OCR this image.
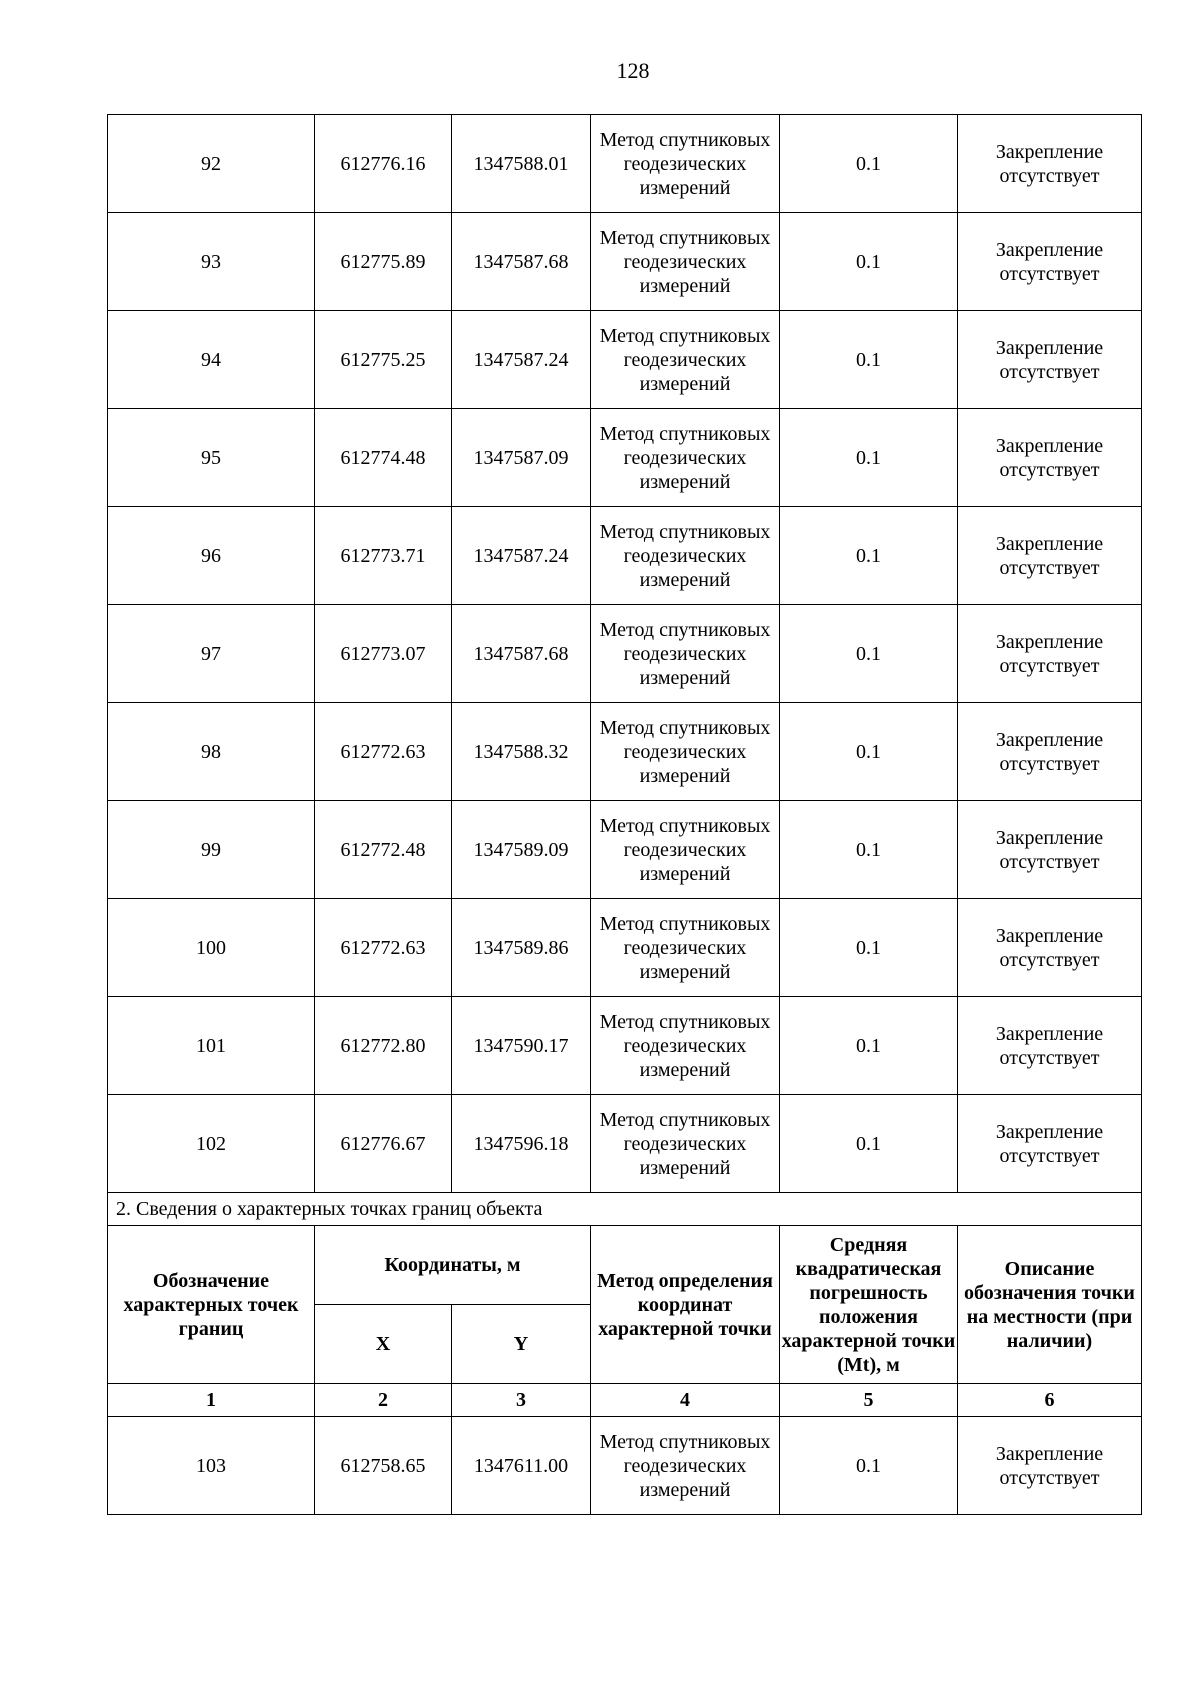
128
92	612776.16	1347588.01	Метод спутниковых геодезических измерений	0.1	Закрепление отсутствует
93	612775.89	1347587.68	Метод спутниковых геодезических измерений	0.1	Закрепление отсутствует
94	612775.25	1347587.24	Метод спутниковых геодезических измерений	0.1	Закрепление отсутствует
95	612774.48	1347587.09	Метод спутниковых геодезических измерений	0.1	Закрепление отсутствует
96	612773.71	1347587.24	Метод спутниковых геодезических измерений	0.1	Закрепление отсутствует
97	612773.07	1347587.68	Метод спутниковых геодезических измерений	0.1	Закрепление отсутствует
98	612772.63	1347588.32	Метод спутниковых геодезических измерений	0.1	Закрепление отсутствует
99	612772.48	1347589.09	Метод спутниковых геодезических измерений	0.1	Закрепление отсутствует
100	612772.63	1347589.86	Метод спутниковых геодезических измерений	0.1	Закрепление отсутствует
101	612772.80	1347590.17	Метод спутниковых геодезических измерений	0.1	Закрепление отсутствует
102	612776.67	1347596.18	Метод спутниковых геодезических измерений	0.1	Закрепление отсутствует
2. Сведения о характерных точках границ объекта					
Обозначение характерных точек границ	Координаты, м		Метод определения координат характерной точки	Средняя квадратическая погрешность положения характерной точки (Mt), м	Описание обозначения точки на местности (при наличии)
	X	Y			
1	2	3	4	5	6
103	612758.65	1347611.00	Метод спутниковых геодезических измерений	0.1	Закрепление отсутствует
